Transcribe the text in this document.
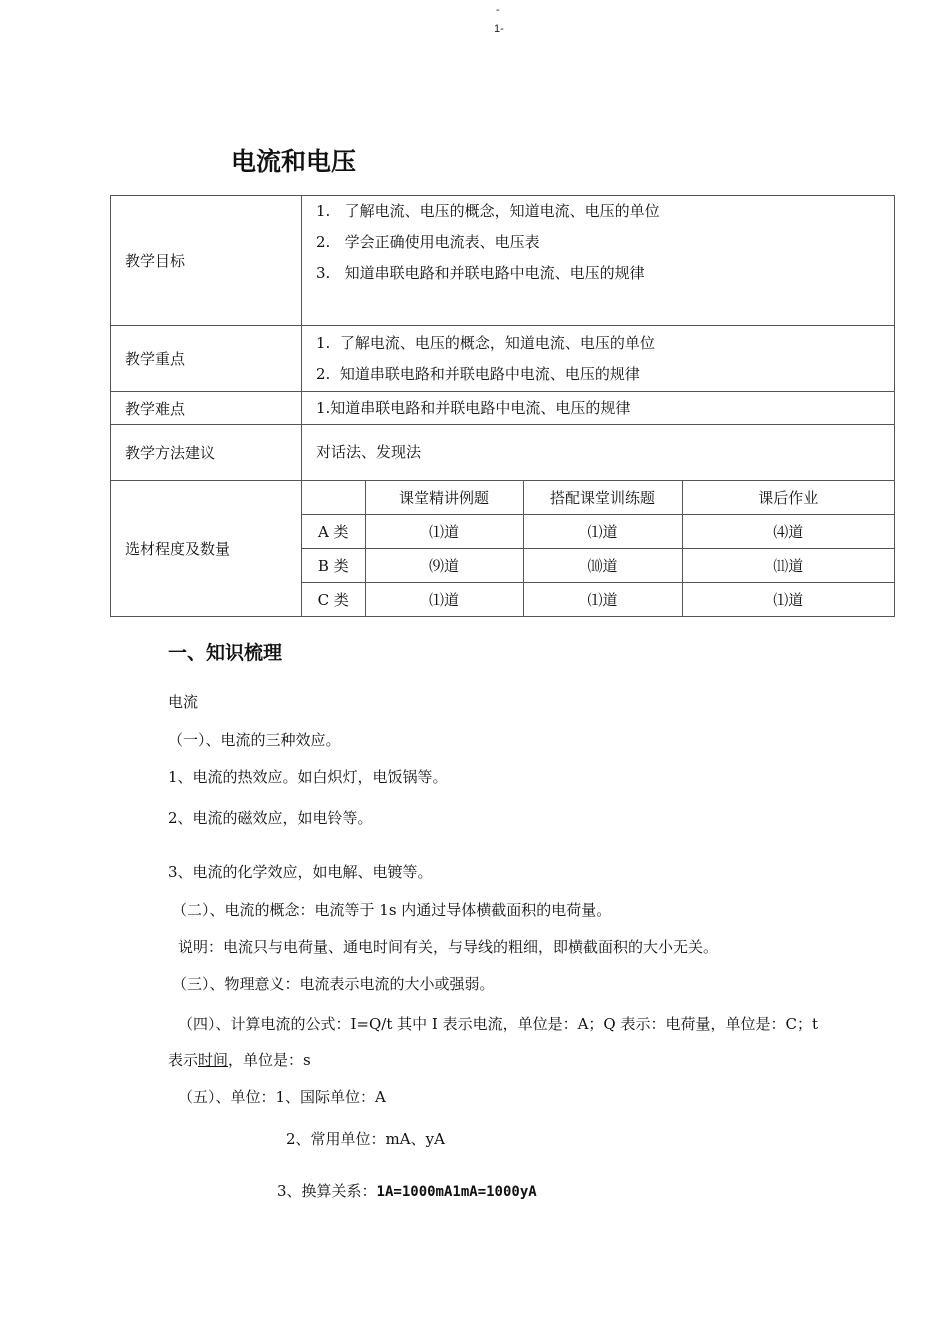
-
1-
电流和电压
教学目标	
1.   了解电流、电压的概念，知道电流、电压的单位
2.   学会正确使用电流表、电压表
3.   知道串联电路和并联电路中电流、电压的规律

教学重点	
1.  了解电流、电压的概念，知道电流、电压的单位
2.  知道串联电路和并联电路中电流、电压的规律

教学难点	1.知道串联电路和并联电路中电流、电压的规律

教学方法建议	对话法、发现法

选材程度及数量	
	课堂精讲例题	搭配课堂训练题	课后作业
A 类	⑴道	⑴道	⑷道
B 类	⑼道	⑽道	⑾道
C 类	⑴道	⑴道	⑴道
一、知识梳理
电流
（一）、电流的三种效应。
1、电流的热效应。如白炽灯，电饭锅等。
2、电流的磁效应，如电铃等。
3、电流的化学效应，如电解、电镀等。
（二）、电流的概念：电流等于 1s 内通过导体横截面积的电荷量。
说明：电流只与电荷量、通电时间有关，与导线的粗细，即横截面积的大小无关。
（三）、物理意义：电流表示电流的大小或强弱。
（四）、计算电流的公式：I=Q/t 其中 I 表示电流，单位是：A；Q 表示：电荷量，单位是：C；t
表示时间，单位是：s
（五）、单位：1、国际单位：A
2、常用单位：mA、yA
3、换算关系：1A=1000mA1mA=1000yA
